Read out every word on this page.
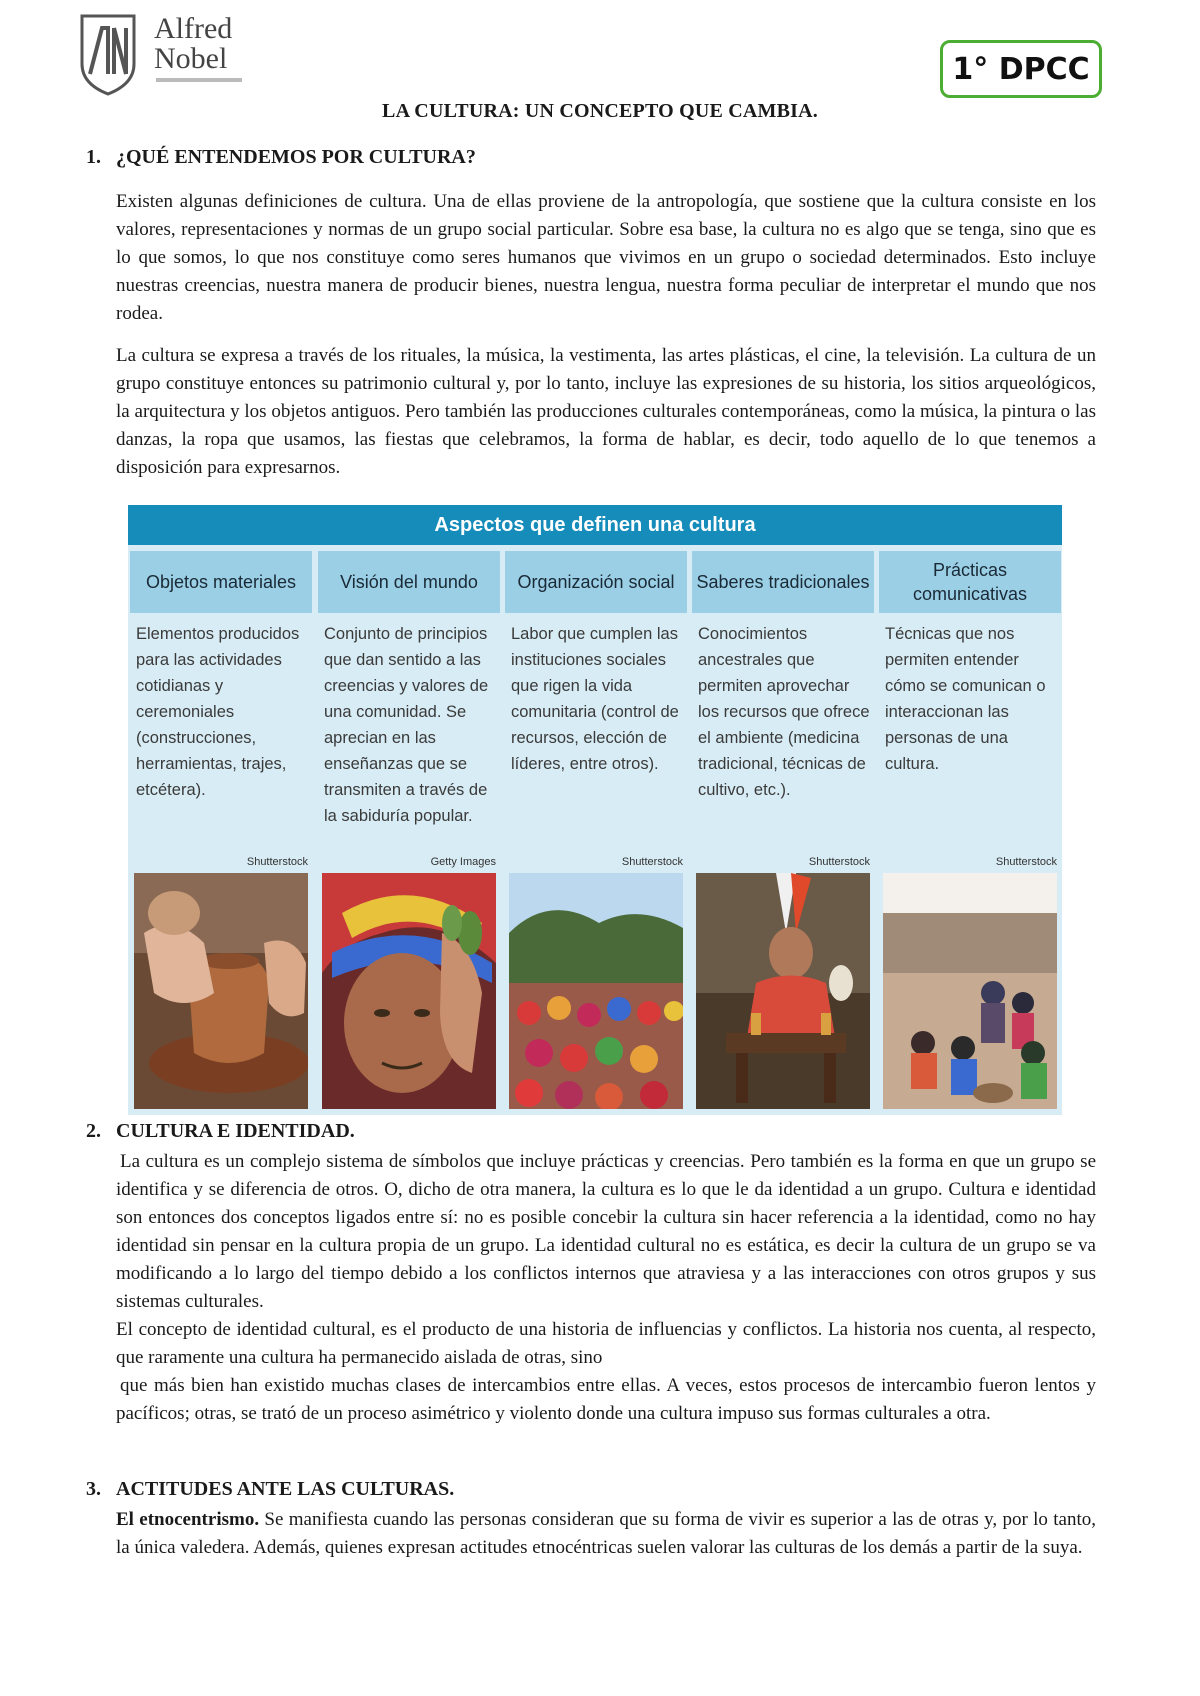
Alfred
Nobel	1° DPCC
LA CULTURA: UN CONCEPTO QUE CAMBIA.
1. ¿QUÉ ENTENDEMOS POR CULTURA?

Existen algunas definiciones de cultura. Una de ellas proviene de la antropología, que sostiene que la cultura consiste en los valores, representaciones y normas de un grupo social particular. Sobre esa base, la cultura no es algo que se tenga, sino que es lo que somos, lo que nos constituye como seres humanos que vivimos en un grupo o sociedad determinados. Esto incluye nuestras creencias, nuestra manera de producir bienes, nuestra lengua, nuestra forma peculiar de interpretar el mundo que nos rodea.

La cultura se expresa a través de los rituales, la música, la vestimenta, las artes plásticas, el cine, la televisión. La cultura de un grupo constituye entonces su patrimonio cultural y, por lo tanto, incluye las expresiones de su historia, los sitios arqueológicos, la arquitectura y los objetos antiguos. Pero también las producciones culturales contemporáneas, como la música, la pintura o las danzas, la ropa que usamos, las fiestas que celebramos, la forma de hablar, es decir, todo aquello de lo que tenemos a disposición para expresarnos.

Aspectos que definen una cultura
Objetos materiales
Elementos producidos para las actividades cotidianas y ceremoniales (construcciones, herramientas, trajes, etcétera).
Shutterstock
Visión del mundo
Conjunto de principios que dan sentido a las creencias y valores de una comunidad. Se aprecian en las enseñanzas que se transmiten a través de la sabiduría popular.
Getty Images
Organización social
Labor que cumplen las instituciones sociales que rigen la vida comunitaria (control de recursos, elección de líderes, entre otros).
Shutterstock
Saberes tradicionales
Conocimientos ancestrales que permiten aprovechar los recursos que ofrece el ambiente (medicina tradicional, técnicas de cultivo, etc.).
Shutterstock
Prácticas comunicativas
Técnicas que nos permiten entender cómo se comunican o interaccionan las personas de una cultura.
Shutterstock
2. CULTURA E IDENTIDAD.

La cultura es un complejo sistema de símbolos que incluye prácticas y creencias. Pero también es la forma en que un grupo se identifica y se diferencia de otros. O, dicho de otra manera, la cultura es lo que le da identidad a un grupo. Cultura e identidad son entonces dos conceptos ligados entre sí: no es posible concebir la cultura sin hacer referencia a la identidad, como no hay identidad sin pensar en la cultura propia de un grupo. La identidad cultural no es estática, es decir la cultura de un grupo se va modificando a lo largo del tiempo debido a los conflictos internos que atraviesa y a las interacciones con otros grupos y sus sistemas culturales.

El concepto de identidad cultural, es el producto de una historia de influencias y conflictos. La historia nos cuenta, al respecto, que raramente una cultura ha permanecido aislada de otras, sino

que más bien han existido muchas clases de intercambios entre ellas. A veces, estos procesos de intercambio fueron lentos y pacíficos; otras, se trató de un proceso asimétrico y violento donde una cultura impuso sus formas culturales a otra.

3. ACTITUDES ANTE LAS CULTURAS.

El etnocentrismo. Se manifiesta cuando las personas consideran que su forma de vivir es superior a las de otras y, por lo tanto, la única valedera. Además, quienes expresan actitudes etnocéntricas suelen valorar las culturas de los demás a partir de la suya.
